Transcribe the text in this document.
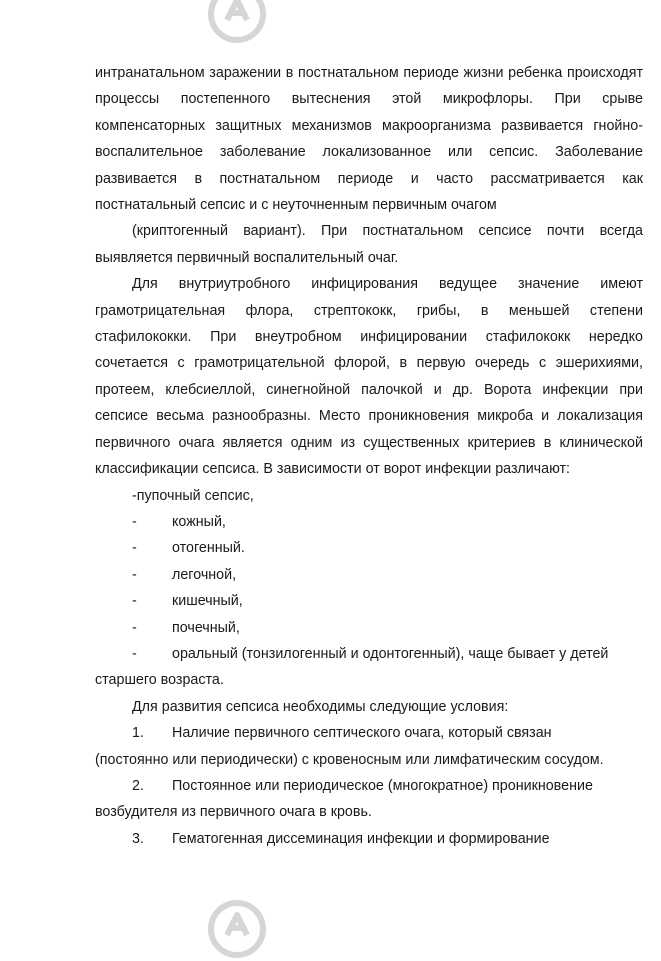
интранатальном заражении в постнатальном периоде жизни ребенка происходят процессы постепенного вытеснения этой микрофлоры. При срыве компенсаторных защитных механизмов макроорганизма развивается гнойно-воспалительное заболевание локализованное или сепсис. Заболевание развивается в постнатальном периоде и часто рассматривается как постнатальный сепсис и с неуточненным первичным очагом

(криптогенный вариант). При постнатальном сепсисе почти всегда выявляется первичный воспалительный очаг.

Для внутриутробного инфицирования ведущее значение имеют грамотрицательная флора, стрептококк, грибы, в меньшей степени стафилококки. При внеутробном инфицировании стафилококк нередко сочетается с грамотрицательной флорой, в первую очередь с эшерихиями, протеем, клебсиеллой, синегнойной палочкой и др. Ворота инфекции при сепсисе весьма разнообразны. Место проникновения микроба и локализация первичного очага является одним из существенных критериев в клинической классификации сепсиса. В зависимости от ворот инфекции различают:

-пупочный сепсис,

-	кожный,
-	отогенный.
-	легочной,
-	кишечный,
-	почечный,
-	оральный (тонзилогенный и одонтогенный), чаще бывает у детей

старшего возраста.

Для развития сепсиса необходимы следующие условия:

1.	Наличие первичного септического очага, который связан

(постоянно или периодически) с кровеносным или лимфатическим сосудом.

2.	Постоянное или периодическое (многократное) проникновение

возбудителя из первичного очага в кровь.

3.	Гематогенная диссеминация инфекции и формирование
